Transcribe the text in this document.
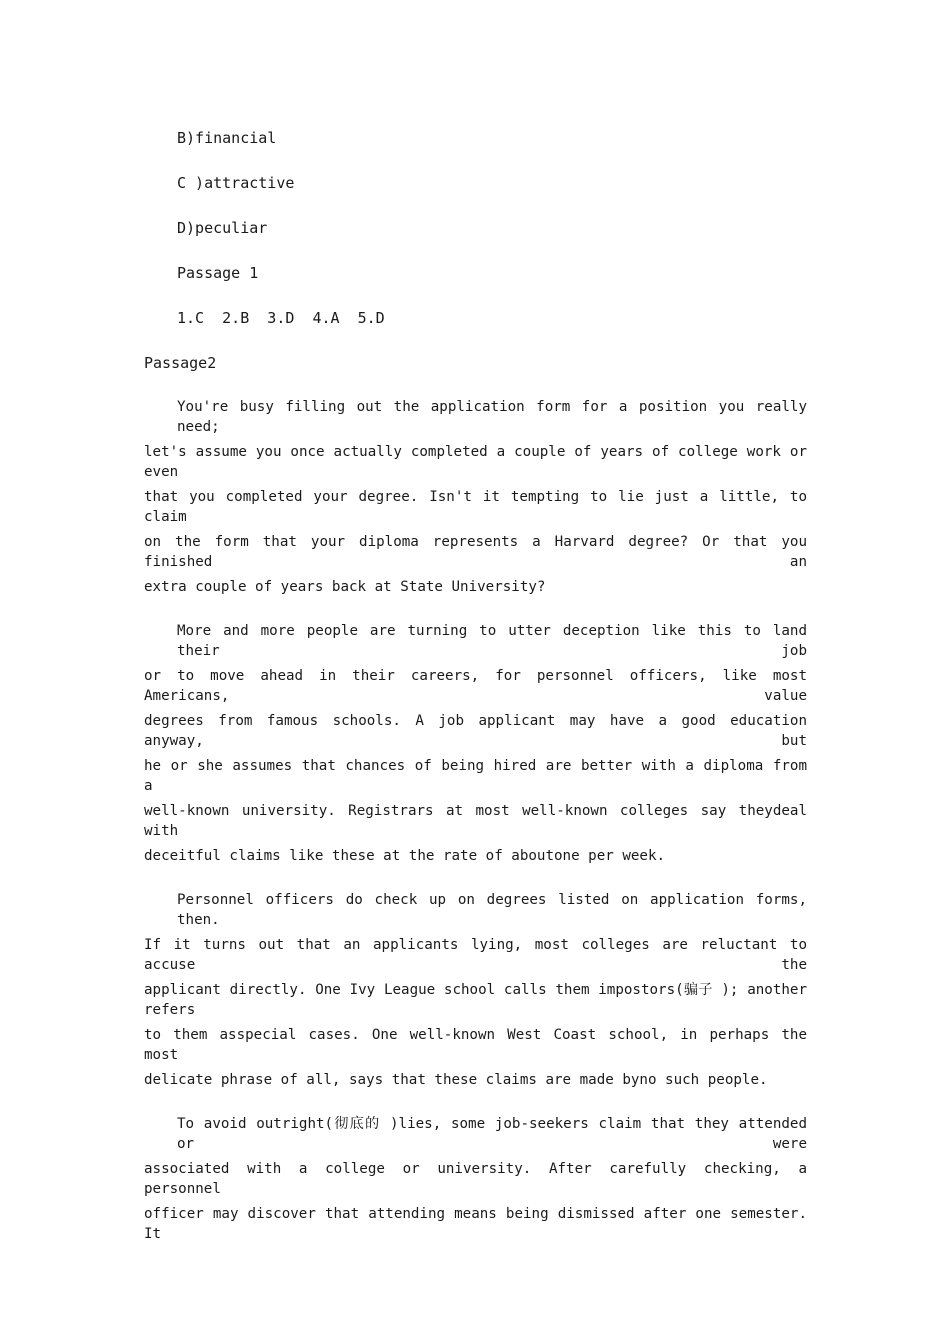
B)financial
C )attractive
D)peculiar
Passage 1
1.C  2.B  3.D  4.A  5.D
Passage2
You're busy filling out the application form for a position you really need;
let's assume you once actually completed a couple of years of college work or even
that you completed your degree. Isn't it tempting to lie just a little, to claim
on the form that your diploma represents a Harvard degree? Or that you finished an
extra couple of years back at State University?
More and more people are turning to utter deception like this to land their job
or to move ahead in their careers, for personnel officers, like most Americans, value
degrees from famous schools. A job applicant may have a good education anyway, but
he or she assumes that chances of being hired are better with a diploma from a
well-known university. Registrars at most well-known colleges say theydeal with
deceitful claims like these at the rate of aboutone per week.
Personnel officers do check up on degrees listed on application forms, then.
If it turns out that an applicants lying, most colleges are reluctant to accuse the
applicant directly. One Ivy League school calls them impostors(骗子 ); another refers
to them asspecial cases. One well-known West Coast school, in perhaps the most
delicate phrase of all, says that these claims are made byno such people.
To avoid outright(彻底的 )lies, some job-seekers claim that they attended or were
associated with a college or university. After carefully checking, a personnel
officer may discover that attending means being dismissed after one semester. It
